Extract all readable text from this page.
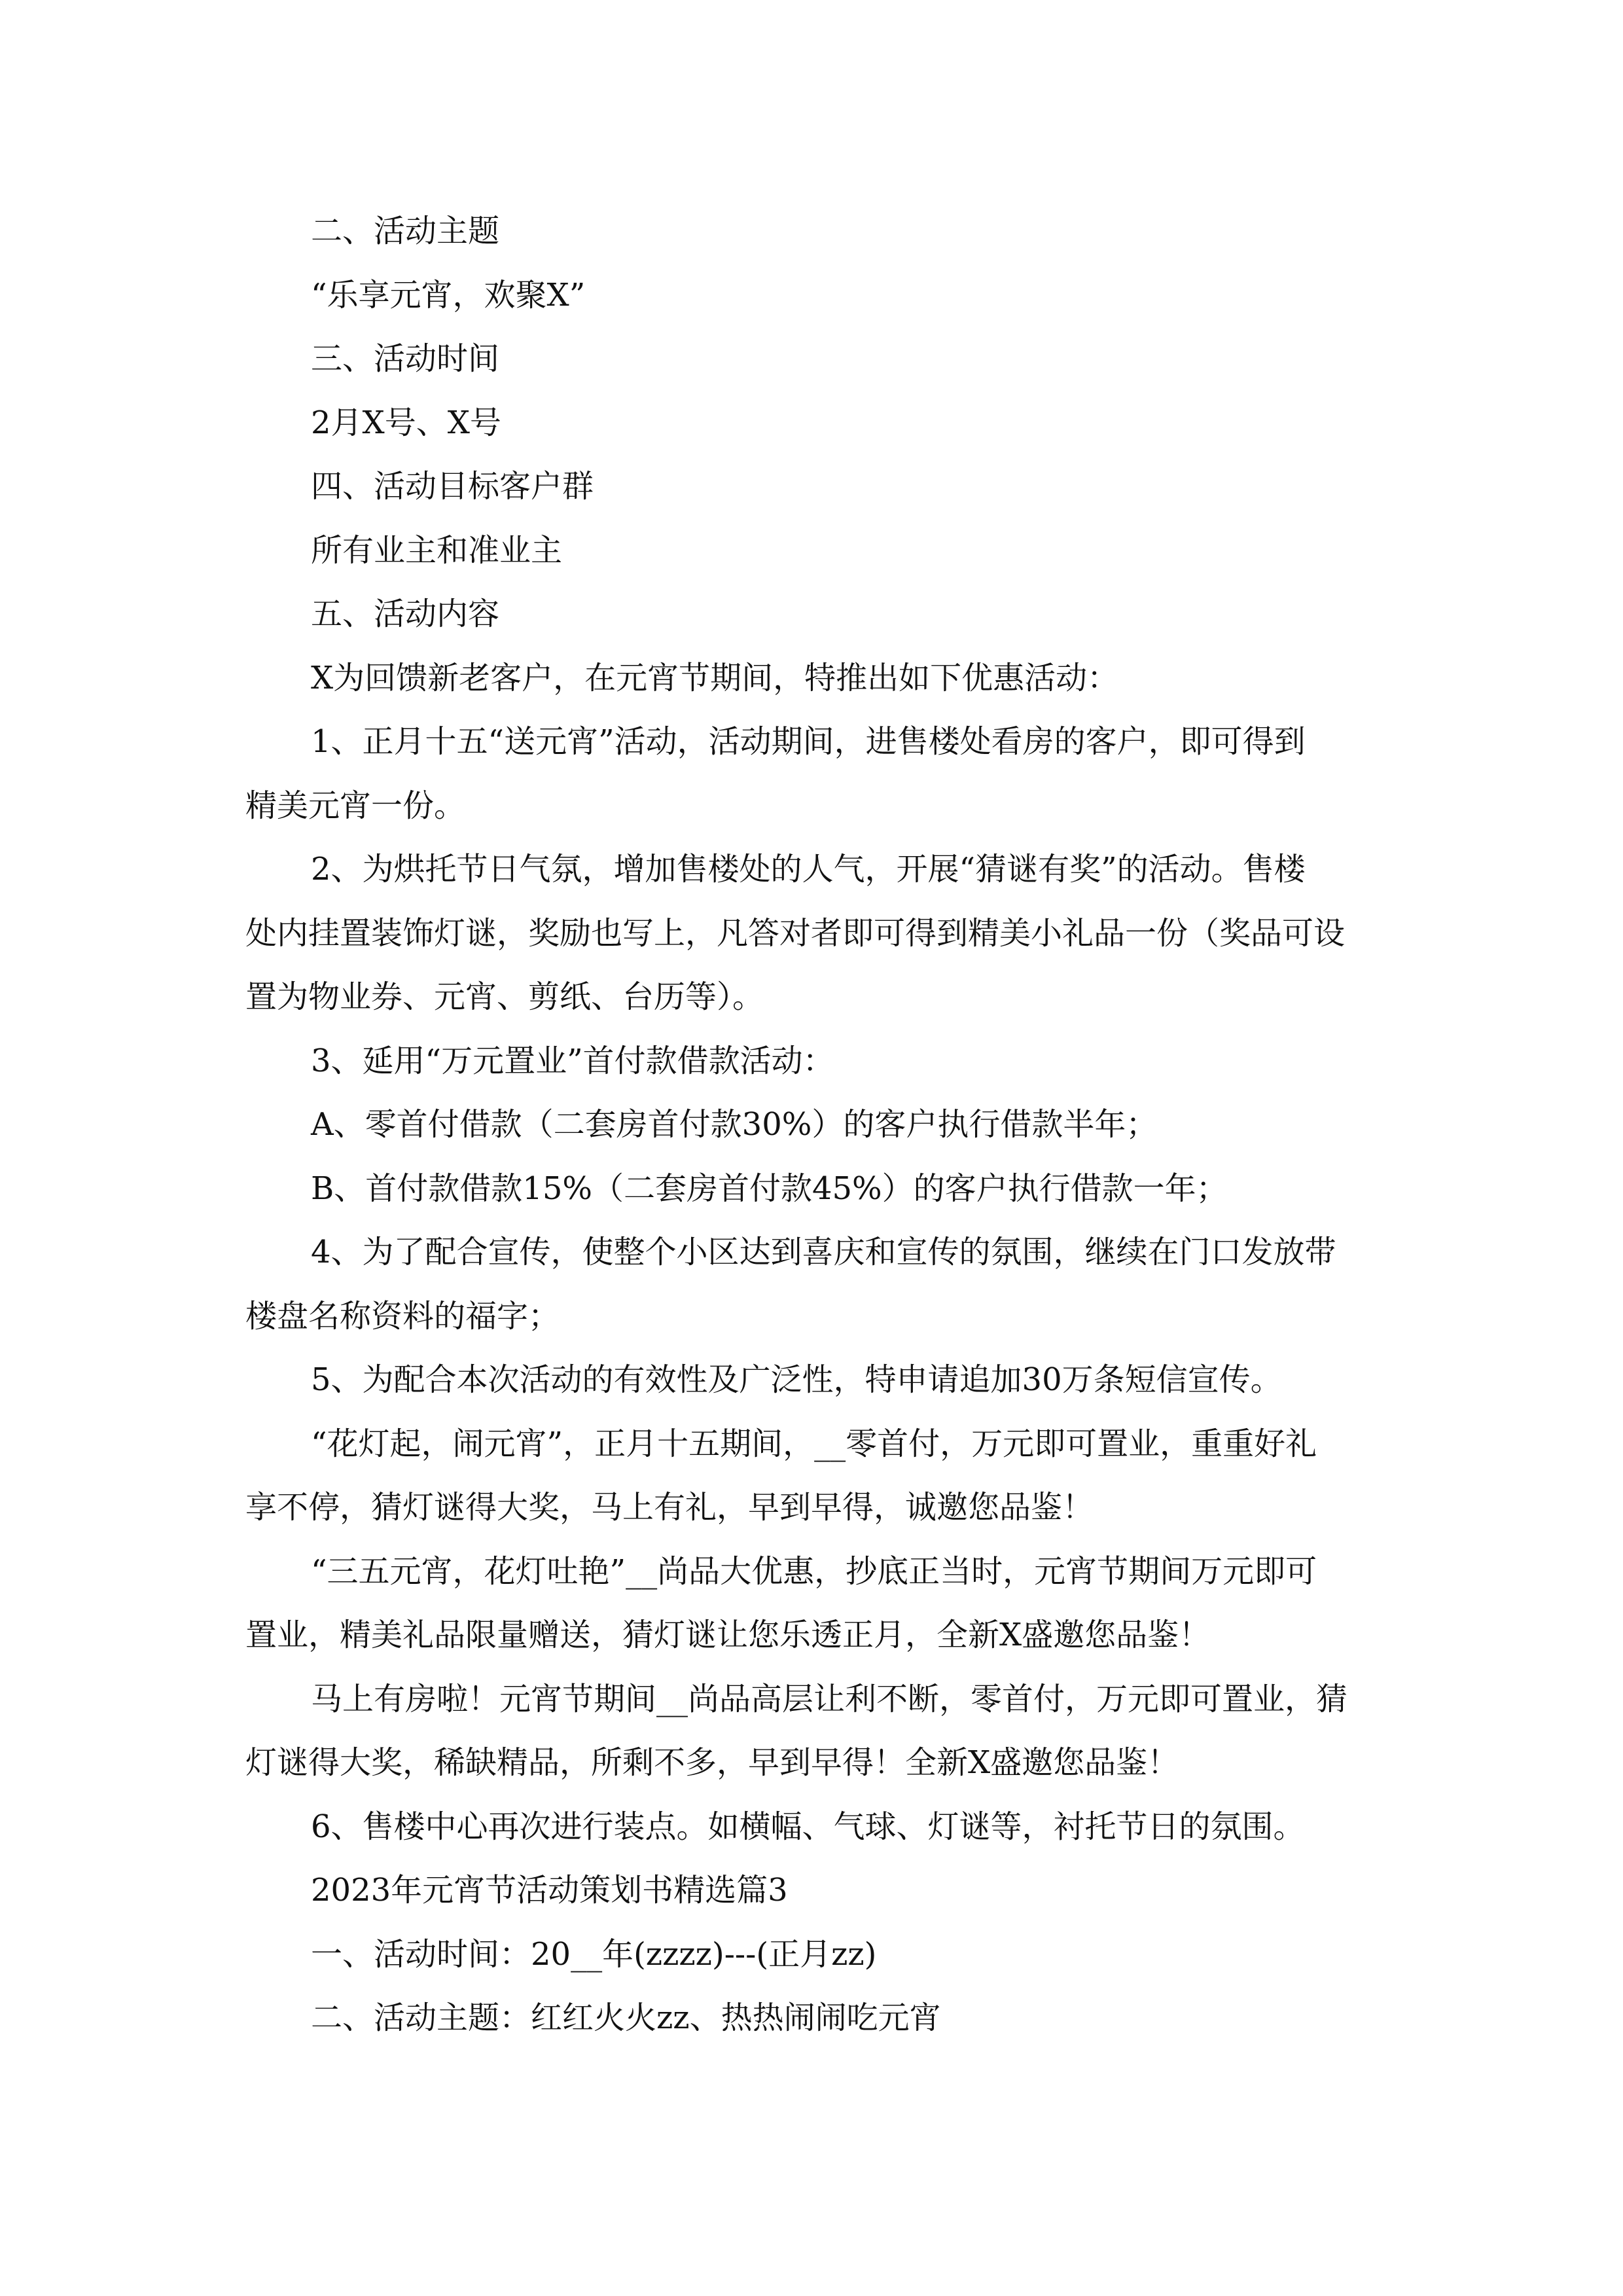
二、活动主题
“乐享元宵，欢聚X”
三、活动时间
2月X号、X号
四、活动目标客户群
所有业主和准业主
五、活动内容
X为回馈新老客户，在元宵节期间，特推出如下优惠活动：
1、正月十五“送元宵”活动，活动期间，进售楼处看房的客户，即可得到
精美元宵一份。
2、为烘托节日气氛，增加售楼处的人气，开展“猜谜有奖”的活动。售楼
处内挂置装饰灯谜，奖励也写上，凡答对者即可得到精美小礼品一份（奖品可设
置为物业券、元宵、剪纸、台历等）。
3、延用“万元置业”首付款借款活动：
A、零首付借款（二套房首付款30%）的客户执行借款半年；
B、首付款借款15%（二套房首付款45%）的客户执行借款一年；
4、为了配合宣传，使整个小区达到喜庆和宣传的氛围，继续在门口发放带
楼盘名称资料的福字；
5、为配合本次活动的有效性及广泛性，特申请追加30万条短信宣传。
“花灯起，闹元宵”，正月十五期间，__零首付，万元即可置业，重重好礼
享不停，猜灯谜得大奖，马上有礼，早到早得，诚邀您品鉴！
“三五元宵，花灯吐艳”__尚品大优惠，抄底正当时，元宵节期间万元即可
置业，精美礼品限量赠送，猜灯谜让您乐透正月，全新X盛邀您品鉴！
马上有房啦！元宵节期间__尚品高层让利不断，零首付，万元即可置业，猜
灯谜得大奖，稀缺精品，所剩不多，早到早得！全新X盛邀您品鉴！
6、售楼中心再次进行装点。如横幅、气球、灯谜等，衬托节日的氛围。
2023年元宵节活动策划书精选篇3
一、活动时间：20__年(zzzz)---(正月zz)
二、活动主题：红红火火zz、热热闹闹吃元宵
